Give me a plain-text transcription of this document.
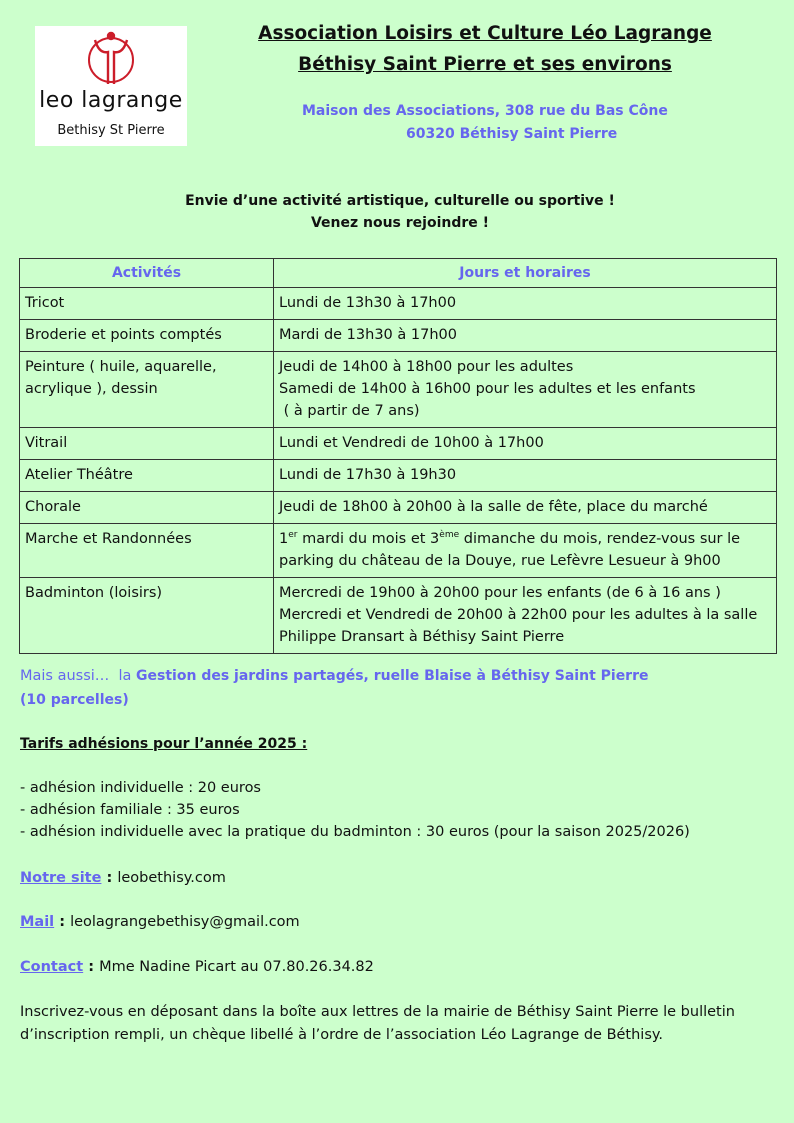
leo lagrange
Bethisy St Pierre
Association Loisirs et Culture Léo Lagrange
Béthisy Saint Pierre et ses environs
Maison des Associations, 308 rue du Bas Cône
60320 Béthisy Saint Pierre
Envie d’une activité artistique, culturelle ou sportive !
Venez nous rejoindre !
Activités	Jours et horaires
Tricot	Lundi de 13h30 à 17h00
Broderie et points comptés	Mardi de 13h30 à 17h00
Peinture ( huile, aquarelle, acrylique ), dessin	Jeudi de 14h00 à 18h00 pour les adultes
Samedi de 14h00 à 16h00 pour les adultes et les enfants
( à partir de 7 ans)

Vitrail	Lundi et Vendredi de 10h00 à 17h00
Atelier Théâtre	Lundi de 17h30 à 19h30
Chorale	Jeudi de 18h00 à 20h00 à la salle de fête, place du marché
Marche et Randonnées	1er mardi du mois et 3ème dimanche du mois, rendez-vous sur le parking du château de la Douye, rue Lefèvre Lesueur à 9h00
Badminton (loisirs)	Mercredi de 19h00 à 20h00 pour les enfants (de 6 à 16 ans )
Mercredi et Vendredi de 20h00 à 22h00 pour les adultes à la salle Philippe Dransart à Béthisy Saint Pierre
Mais aussi…  la Gestion des jardins partagés, ruelle Blaise à Béthisy Saint Pierre
(10 parcelles)
Tarifs adhésions pour l’année 2025 :
- adhésion individuelle : 20 euros
- adhésion familiale : 35 euros
- adhésion individuelle avec la pratique du badminton : 30 euros (pour la saison 2025/2026)
Notre site : leobethisy.com
Mail : leolagrangebethisy@gmail.com
Contact : Mme Nadine Picart au 07.80.26.34.82
Inscrivez-vous en déposant dans la boîte aux lettres de la mairie de Béthisy Saint Pierre le bulletin d’inscription rempli, un chèque libellé à l’ordre de l’association Léo Lagrange de Béthisy.
